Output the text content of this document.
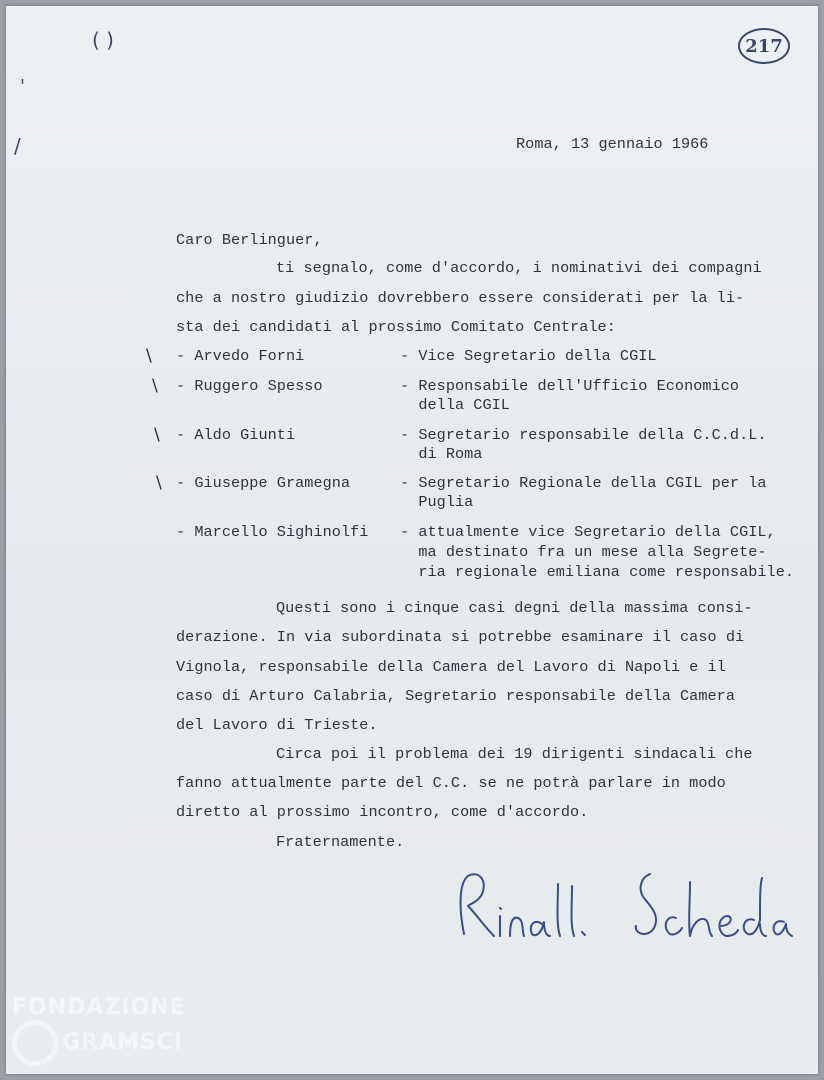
217
( )
'
/	Roma, 13 gennaio 1966
Caro Berlinguer,
ti segnalo, come d'accordo, i nominativi dei compagni
che a nostro giudizio dovrebbero essere considerati per la li-
sta dei candidati al prossimo Comitato Centrale:
\ - Arvedo Forni	- Vice Segretario della CGIL
\ - Ruggero Spesso	- Responsabile dell'Ufficio Economico
della CGIL
\ - Aldo Giunti	- Segretario responsabile della C.C.d.L.
di Roma
\ - Giuseppe Gramegna	- Segretario Regionale della CGIL per la
Puglia
- Marcello Sighinolfi - attualmente vice Segretario della CGIL,
ma destinato fra un mese alla Segrete-
ria regionale emiliana come responsabile.
Questi sono i cinque casi degni della massima consi-
derazione. In via subordinata si potrebbe esaminare il caso di
Vignola, responsabile della Camera del Lavoro di Napoli e il
caso di Arturo Calabria, Segretario responsabile della Camera
del Lavoro di Trieste.
Circa poi il problema dei 19 dirigenti sindacali che
fanno attualmente parte del C.C. se ne potrà parlare in modo
diretto al prossimo incontro, come d'accordo.
Fraternamente.
FONDAZIONE
GRAMSCI
